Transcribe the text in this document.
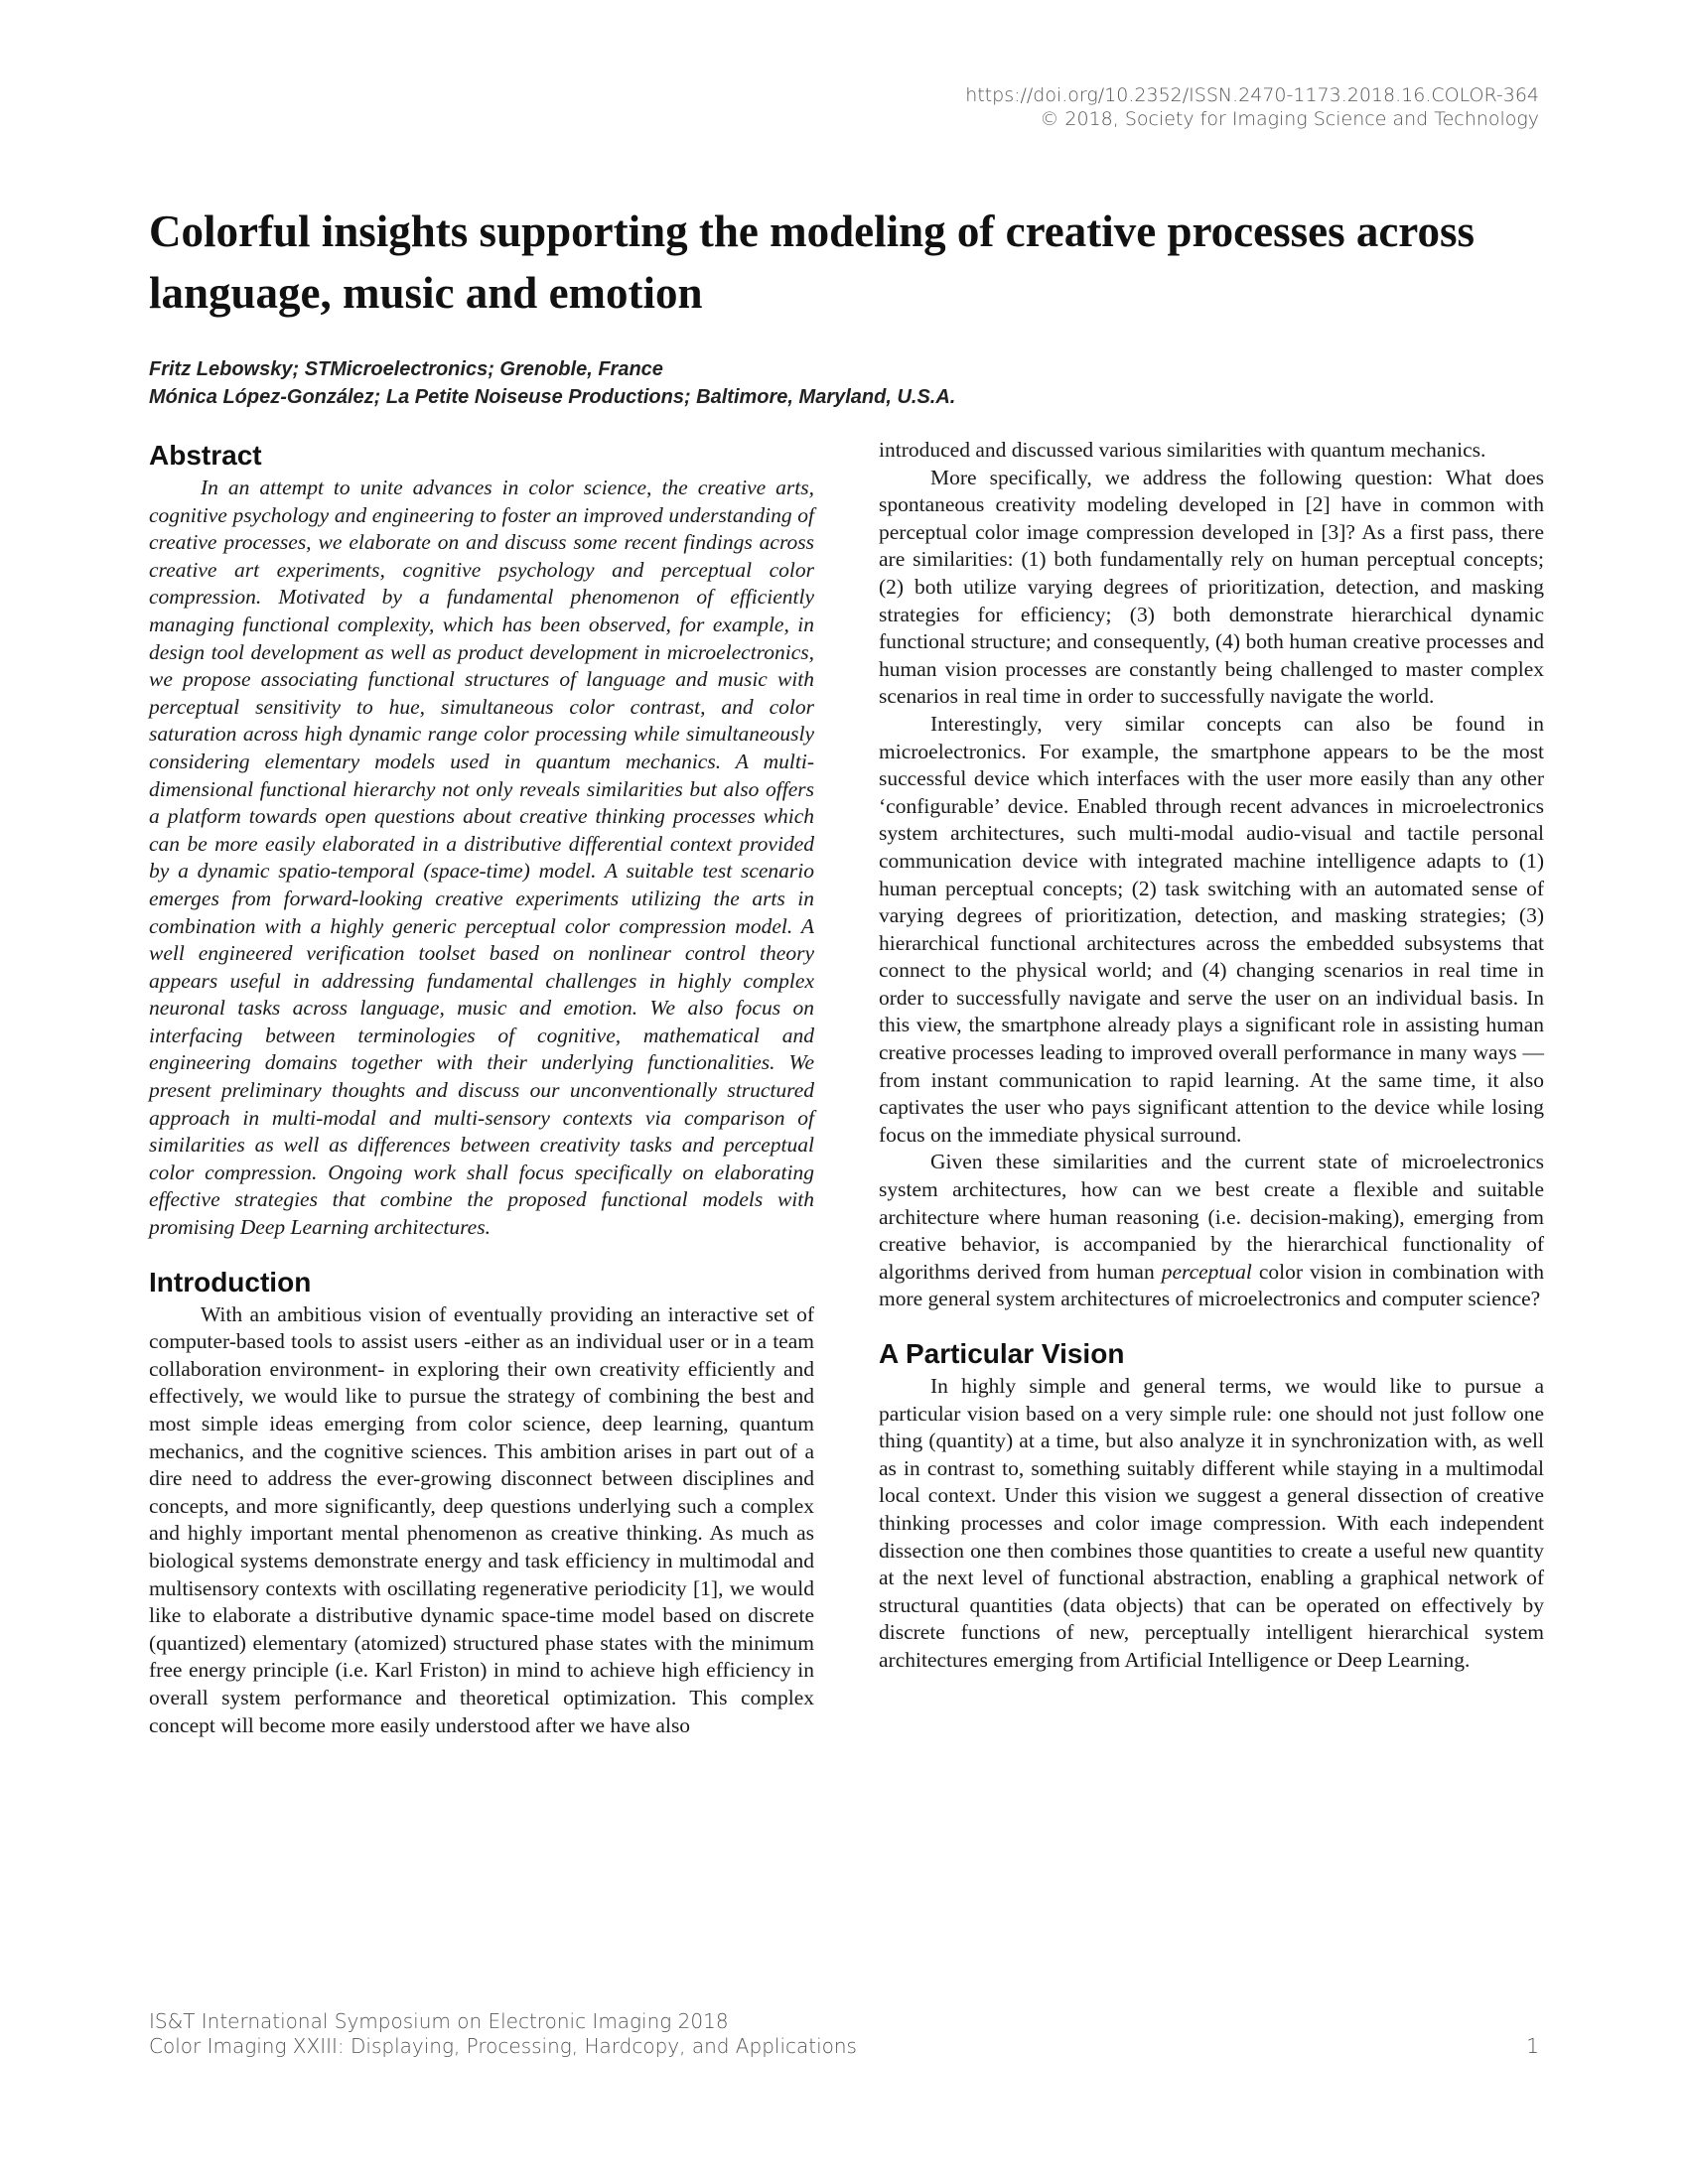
https://doi.org/10.2352/ISSN.2470-1173.2018.16.COLOR-364
© 2018, Society for Imaging Science and Technology
Colorful insights supporting the modeling of creative processes across language, music and emotion
Fritz Lebowsky; STMicroelectronics; Grenoble, France
Mónica López-González; La Petite Noiseuse Productions; Baltimore, Maryland, U.S.A.
Abstract

In an attempt to unite advances in color science, the creative arts, cognitive psychology and engineering to foster an improved understanding of creative processes, we elaborate on and discuss some recent findings across creative art experiments, cognitive psychology and perceptual color compression. Motivated by a fundamental phenomenon of efficiently managing functional complexity, which has been observed, for example, in design tool development as well as product development in microelectronics, we propose associating functional structures of language and music with perceptual sensitivity to hue, simultaneous color contrast, and color saturation across high dynamic range color processing while simultaneously considering elementary models used in quantum mechanics. A multi-dimensional functional hierarchy not only reveals similarities but also offers a platform towards open questions about creative thinking processes which can be more easily elaborated in a distributive differential context provided by a dynamic spatio-temporal (space-time) model. A suitable test scenario emerges from forward-looking creative experiments utilizing the arts in combination with a highly generic perceptual color compression model. A well engineered verification toolset based on nonlinear control theory appears useful in addressing fundamental challenges in highly complex neuronal tasks across language, music and emotion. We also focus on interfacing between terminologies of cognitive, mathematical and engineering domains together with their underlying functionalities. We present preliminary thoughts and discuss our unconventionally structured approach in multi-modal and multi-sensory contexts via comparison of similarities as well as differences between creativity tasks and perceptual color compression. Ongoing work shall focus specifically on elaborating effective strategies that combine the proposed functional models with promising Deep Learning architectures.

Introduction

With an ambitious vision of eventually providing an interactive set of computer-based tools to assist users -either as an individual user or in a team collaboration environment- in exploring their own creativity efficiently and effectively, we would like to pursue the strategy of combining the best and most simple ideas emerging from color science, deep learning, quantum mechanics, and the cognitive sciences. This ambition arises in part out of a dire need to address the ever-growing disconnect between disciplines and concepts, and more significantly, deep questions underlying such a complex and highly important mental phenomenon as creative thinking. As much as biological systems demonstrate energy and task efficiency in multimodal and multisensory contexts with oscillating regenerative periodicity [1], we would like to elaborate a distributive dynamic space-time model based on discrete (quantized) elementary (atomized) structured phase states with the minimum free energy principle (i.e. Karl Friston) in mind to achieve high efficiency in overall system performance and theoretical optimization. This complex concept will become more easily understood after we have also

introduced and discussed various similarities with quantum mechanics.

More specifically, we address the following question: What does spontaneous creativity modeling developed in [2] have in common with perceptual color image compression developed in [3]? As a first pass, there are similarities: (1) both fundamentally rely on human perceptual concepts; (2) both utilize varying degrees of prioritization, detection, and masking strategies for efficiency; (3) both demonstrate hierarchical dynamic functional structure; and consequently, (4) both human creative processes and human vision processes are constantly being challenged to master complex scenarios in real time in order to successfully navigate the world.

Interestingly, very similar concepts can also be found in microelectronics. For example, the smartphone appears to be the most successful device which interfaces with the user more easily than any other ‘configurable’ device. Enabled through recent advances in microelectronics system architectures, such multi-modal audio-visual and tactile personal communication device with integrated machine intelligence adapts to (1) human perceptual concepts; (2) task switching with an automated sense of varying degrees of prioritization, detection, and masking strategies; (3) hierarchical functional architectures across the embedded subsystems that connect to the physical world; and (4) changing scenarios in real time in order to successfully navigate and serve the user on an individual basis. In this view, the smartphone already plays a significant role in assisting human creative processes leading to improved overall performance in many ways — from instant communication to rapid learning. At the same time, it also captivates the user who pays significant attention to the device while losing focus on the immediate physical surround.

Given these similarities and the current state of microelectronics system architectures, how can we best create a flexible and suitable architecture where human reasoning (i.e. decision-making), emerging from creative behavior, is accompanied by the hierarchical functionality of algorithms derived from human perceptual color vision in combination with more general system architectures of microelectronics and computer science?

A Particular Vision

In highly simple and general terms, we would like to pursue a particular vision based on a very simple rule: one should not just follow one thing (quantity) at a time, but also analyze it in synchronization with, as well as in contrast to, something suitably different while staying in a multimodal local context. Under this vision we suggest a general dissection of creative thinking processes and color image compression. With each independent dissection one then combines those quantities to create a useful new quantity at the next level of functional abstraction, enabling a graphical network of structural quantities (data objects) that can be operated on effectively by discrete functions of new, perceptually intelligent hierarchical system architectures emerging from Artificial Intelligence or Deep Learning.

IS&T International Symposium on Electronic Imaging 2018
Color Imaging XXIII: Displaying, Processing, Hardcopy, and Applications	1
